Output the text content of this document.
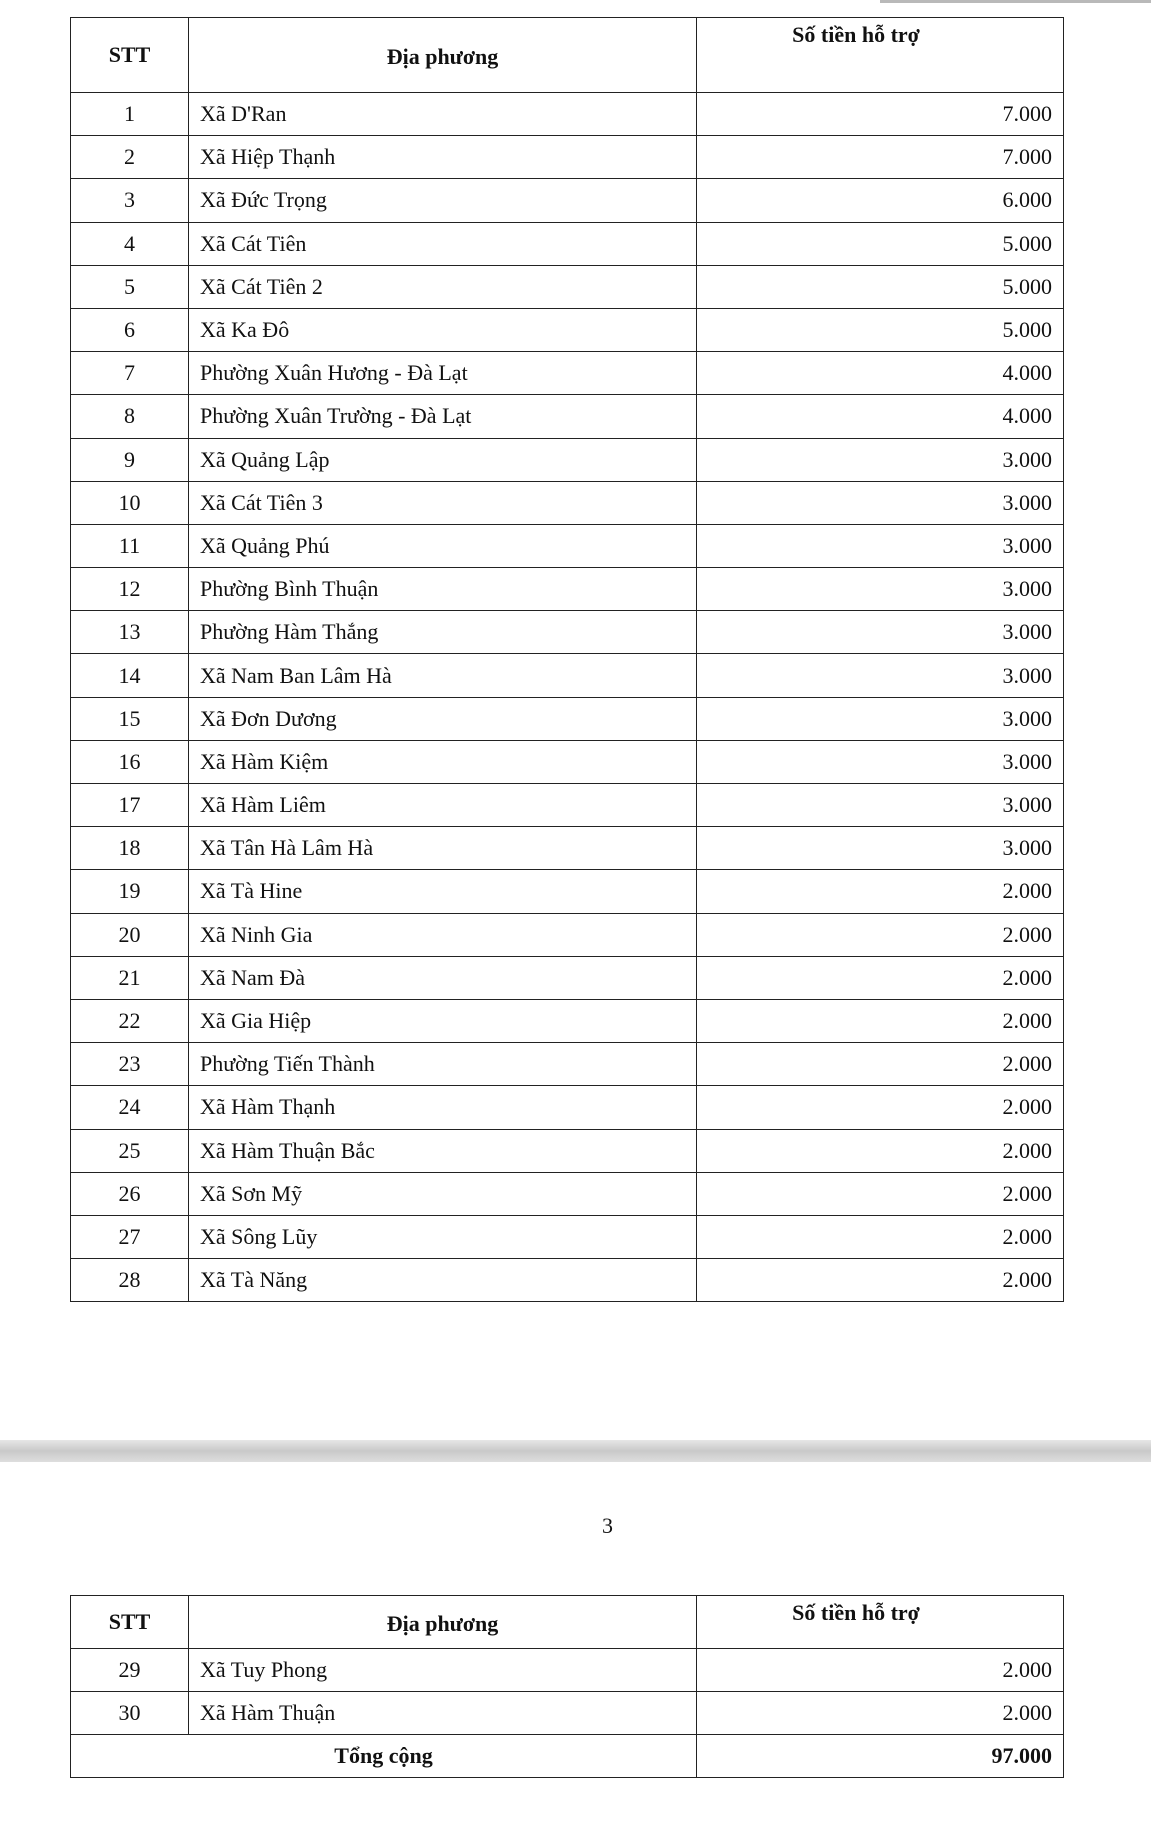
STT	Địa phương	Số tiền hỗ trợ
1	Xã D'Ran	7.000
2	Xã Hiệp Thạnh	7.000
3	Xã Đức Trọng	6.000
4	Xã Cát Tiên	5.000
5	Xã Cát Tiên 2	5.000
6	Xã Ka Đô	5.000
7	Phường Xuân Hương - Đà Lạt	4.000
8	Phường Xuân Trường - Đà Lạt	4.000
9	Xã Quảng Lập	3.000
10	Xã Cát Tiên 3	3.000
11	Xã Quảng Phú	3.000
12	Phường Bình Thuận	3.000
13	Phường Hàm Thắng	3.000
14	Xã Nam Ban Lâm Hà	3.000
15	Xã Đơn Dương	3.000
16	Xã Hàm Kiệm	3.000
17	Xã Hàm Liêm	3.000
18	Xã Tân Hà Lâm Hà	3.000
19	Xã Tà Hine	2.000
20	Xã Ninh Gia	2.000
21	Xã Nam Đà	2.000
22	Xã Gia Hiệp	2.000
23	Phường Tiến Thành	2.000
24	Xã Hàm Thạnh	2.000
25	Xã Hàm Thuận Bắc	2.000
26	Xã Sơn Mỹ	2.000
27	Xã Sông Lũy	2.000
28	Xã Tà Năng	2.000
3
STT	Địa phương	Số tiền hỗ trợ
29	Xã Tuy Phong	2.000
30	Xã Hàm Thuận	2.000
Tổng cộng		97.000
